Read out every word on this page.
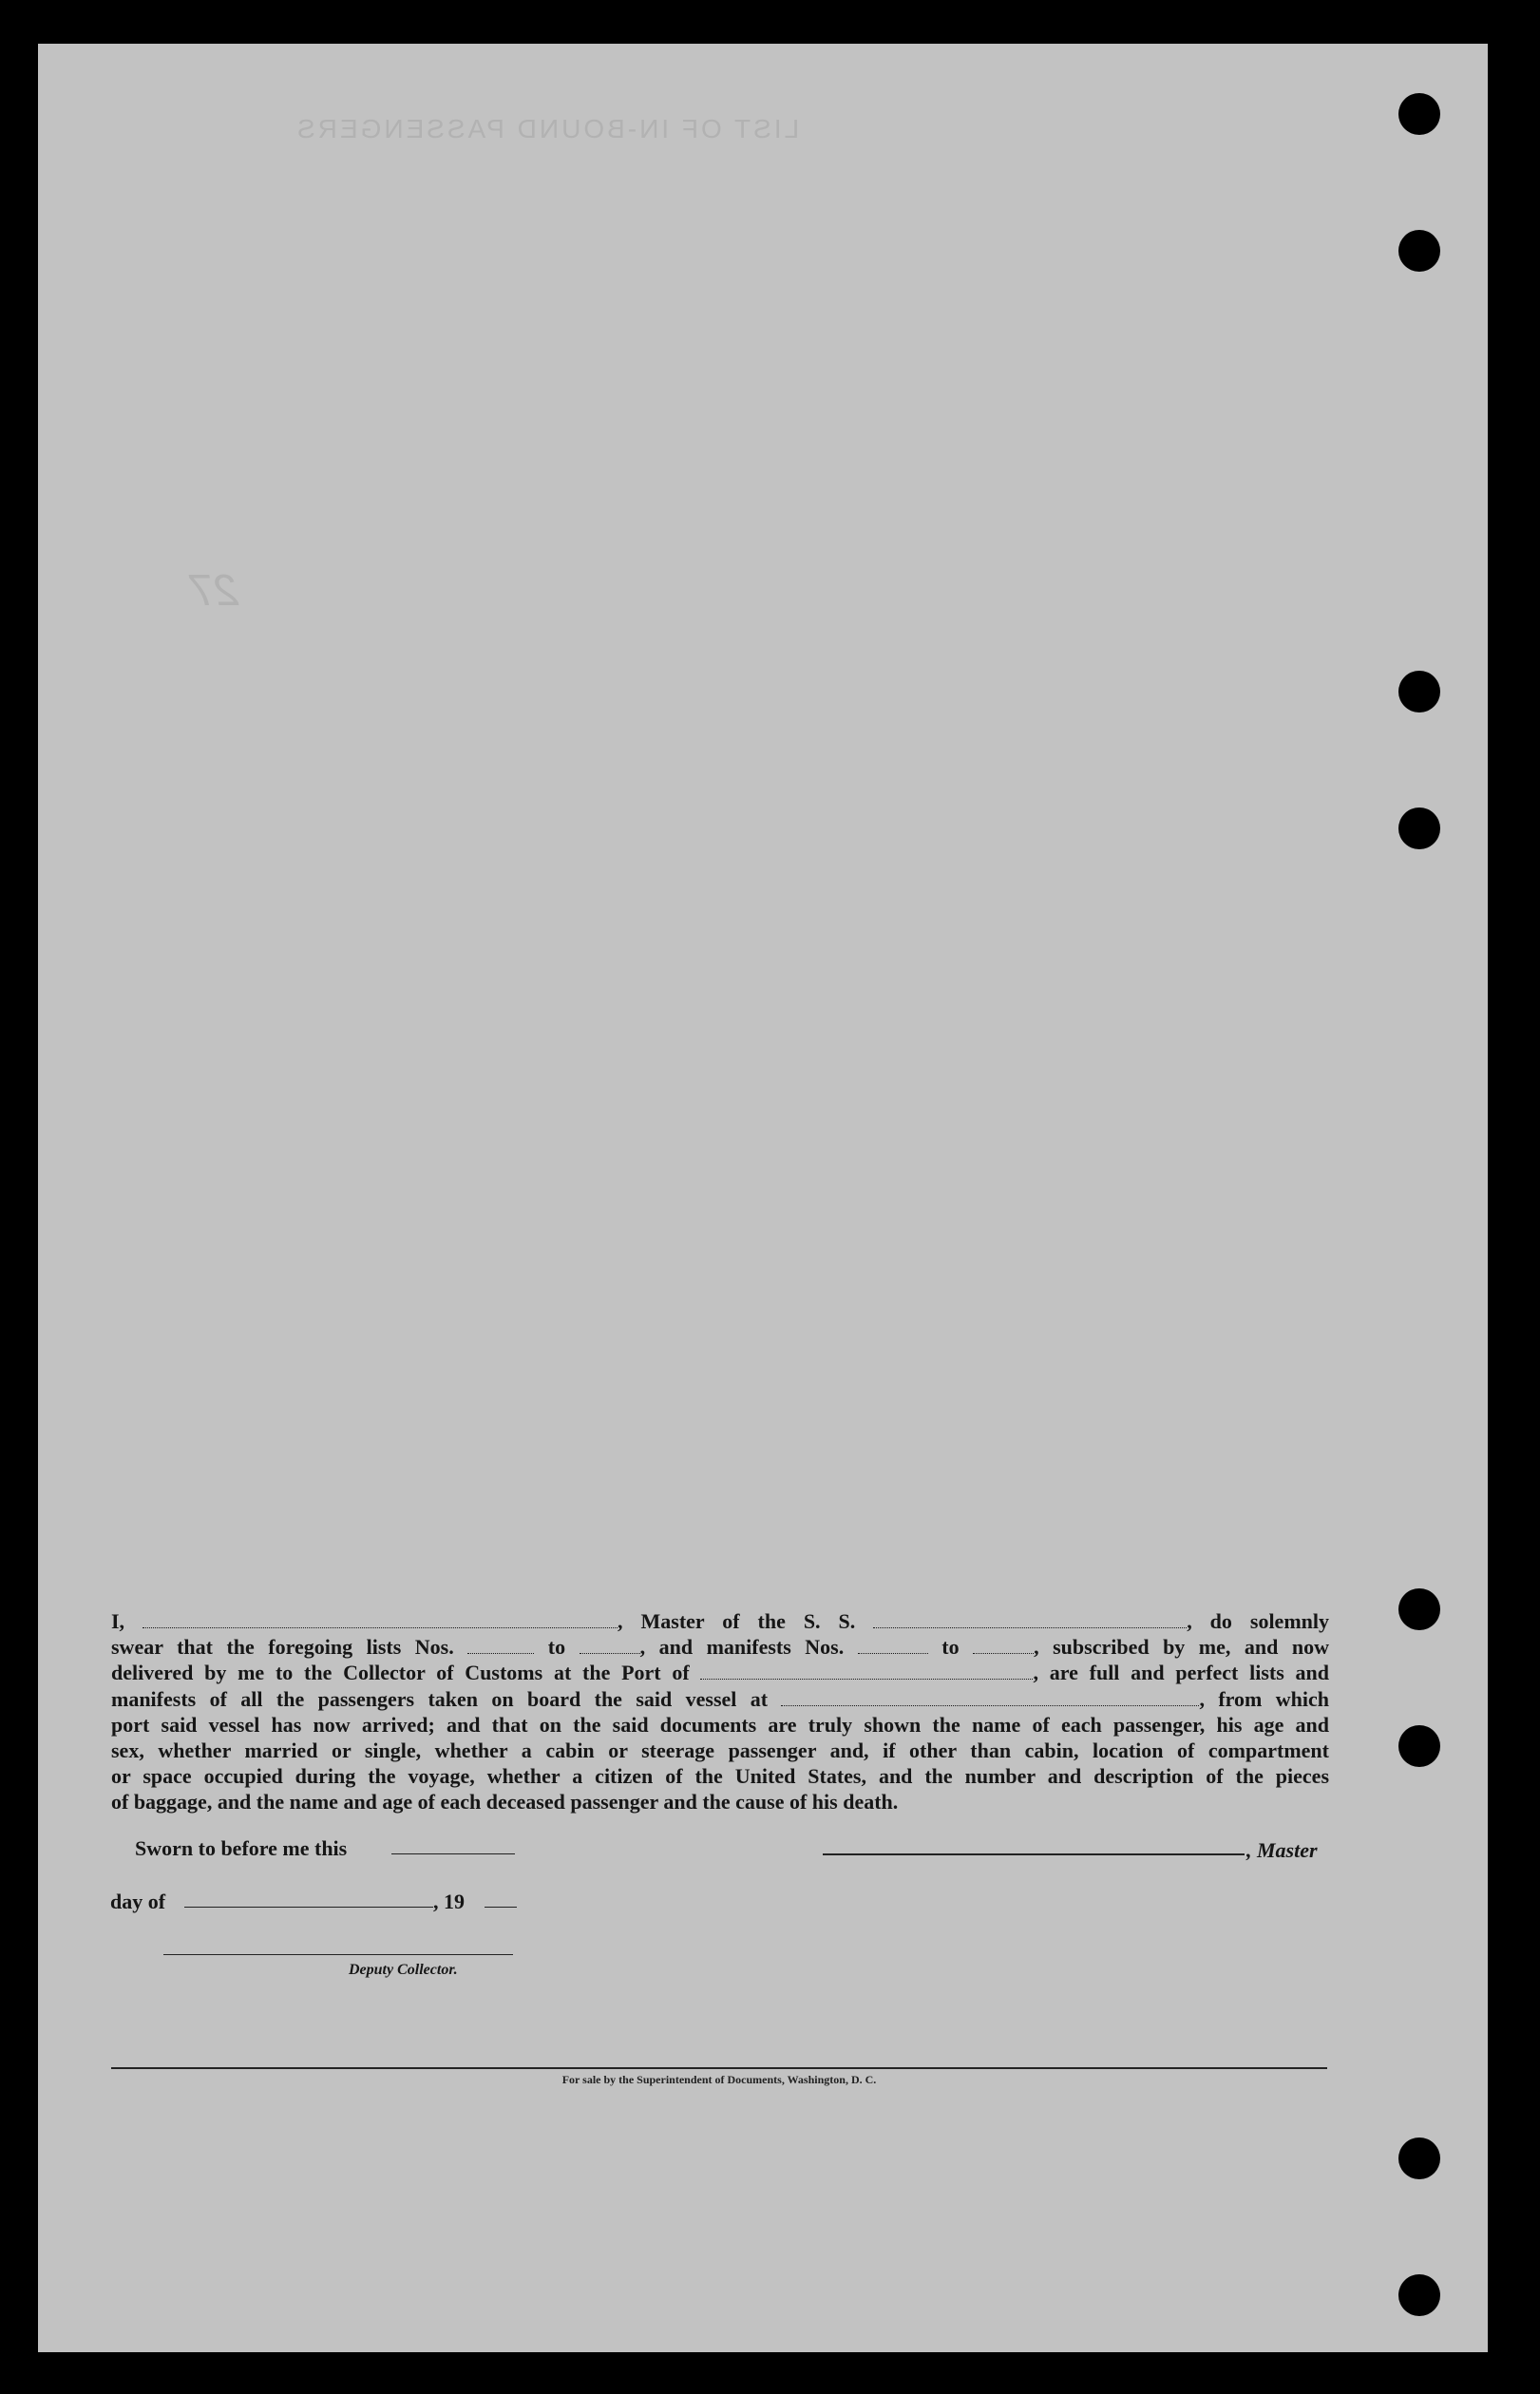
LIST OF IN-BOUND PASSENGERS
27
I,	, Master of the S. S.	, do solemnly
swear that the foregoing lists Nos.	to	, and manifests Nos.	to	, subscribed by me, and now
delivered by me to the Collector of Customs at the Port of	, are full and perfect lists and
manifests of all the passengers taken on board the said vessel at	, from which
port said vessel has now arrived; and that on the said documents are truly shown the name of each passenger, his age and
sex, whether married or single, whether a cabin or steerage passenger and, if other than cabin, location of compartment
or space occupied during the voyage, whether a citizen of the United States, and the number and description of the pieces
of baggage, and the name and age of each deceased passenger and the cause of his death.
Sworn to before me this	, Master
day of	, 19
Deputy Collector.
For sale by the Superintendent of Documents, Washington, D. C.
